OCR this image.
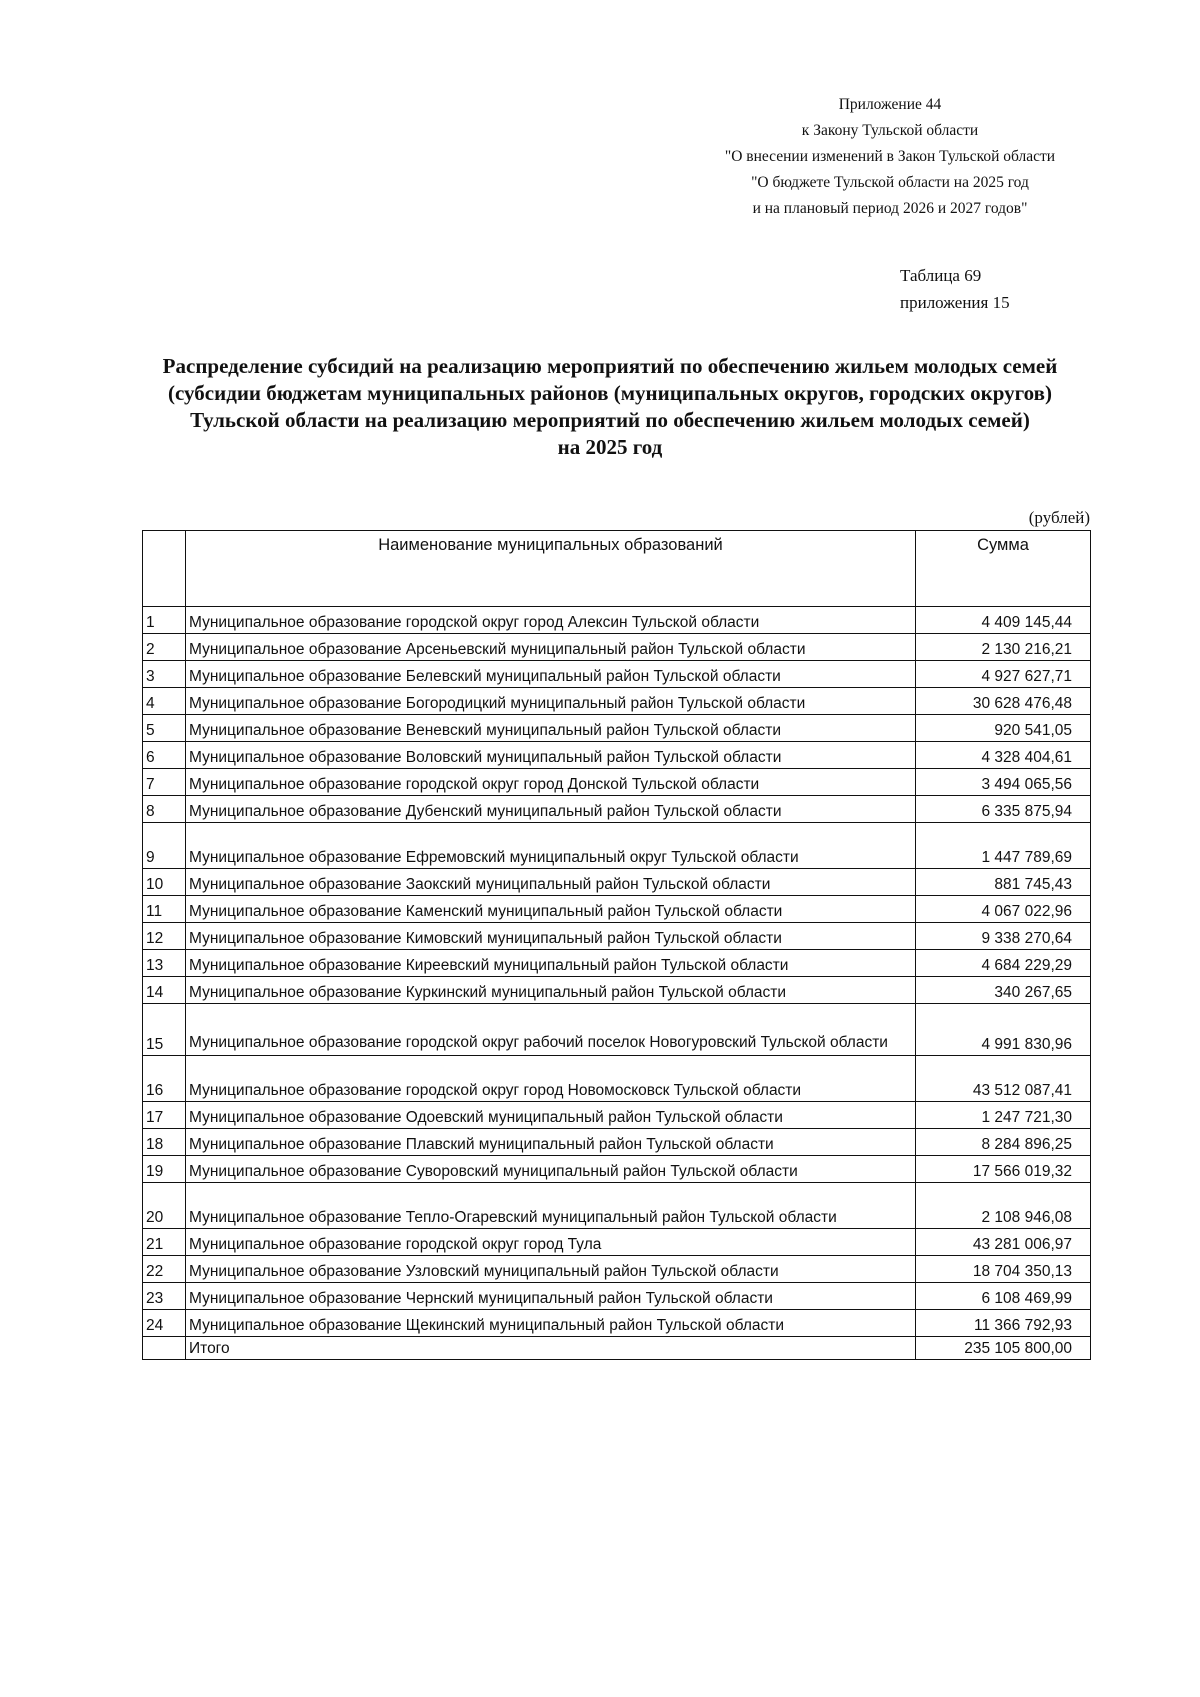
Приложение 44
к Закону Тульской области
"О внесении изменений в Закон Тульской области
"О бюджете Тульской области на 2025 год
и на плановый период 2026 и 2027 годов"
Таблица 69
приложения 15
Распределение субсидий на реализацию мероприятий по обеспечению жильем молодых семей
(субсидии бюджетам муниципальных районов (муниципальных округов, городских округов)
Тульской области на реализацию мероприятий по обеспечению жильем молодых семей)
на 2025 год
(рублей)
	Наименование муниципальных образований	Сумма
1	Муниципальное образование городской округ город Алексин Тульской области	4 409 145,44
2	Муниципальное образование Арсеньевский муниципальный район Тульской области	2 130 216,21
3	Муниципальное образование Белевский муниципальный район Тульской области	4 927 627,71
4	Муниципальное образование Богородицкий муниципальный район Тульской области	30 628 476,48
5	Муниципальное образование Веневский муниципальный район Тульской области	920 541,05
6	Муниципальное образование Воловский муниципальный район Тульской области	4 328 404,61
7	Муниципальное образование городской округ город Донской Тульской области	3 494 065,56
8	Муниципальное образование Дубенский муниципальный район Тульской области	6 335 875,94
9	Муниципальное образование Ефремовский муниципальный округ Тульской области	1 447 789,69
10	Муниципальное образование Заокский муниципальный район Тульской области	881 745,43
11	Муниципальное образование Каменский муниципальный район Тульской области	4 067 022,96
12	Муниципальное образование Кимовский муниципальный район Тульской области	9 338 270,64
13	Муниципальное образование Киреевский муниципальный район Тульской области	4 684 229,29
14	Муниципальное образование Куркинский муниципальный район Тульской области	340 267,65
15	Муниципальное образование городской округ рабочий поселок Новогуровский Тульской области	4 991 830,96
16	Муниципальное образование городской округ город Новомосковск Тульской области	43 512 087,41
17	Муниципальное образование Одоевский муниципальный район Тульской области	1 247 721,30
18	Муниципальное образование Плавский муниципальный район Тульской области	8 284 896,25
19	Муниципальное образование Суворовский муниципальный район Тульской области	17 566 019,32
20	Муниципальное образование Тепло-Огаревский муниципальный район Тульской области	2 108 946,08
21	Муниципальное образование городской округ город Тула	43 281 006,97
22	Муниципальное образование Узловский муниципальный район Тульской области	18 704 350,13
23	Муниципальное образование Чернский муниципальный район Тульской области	6 108 469,99
24	Муниципальное образование Щекинский муниципальный район Тульской области	11 366 792,93
	Итого	235 105 800,00
